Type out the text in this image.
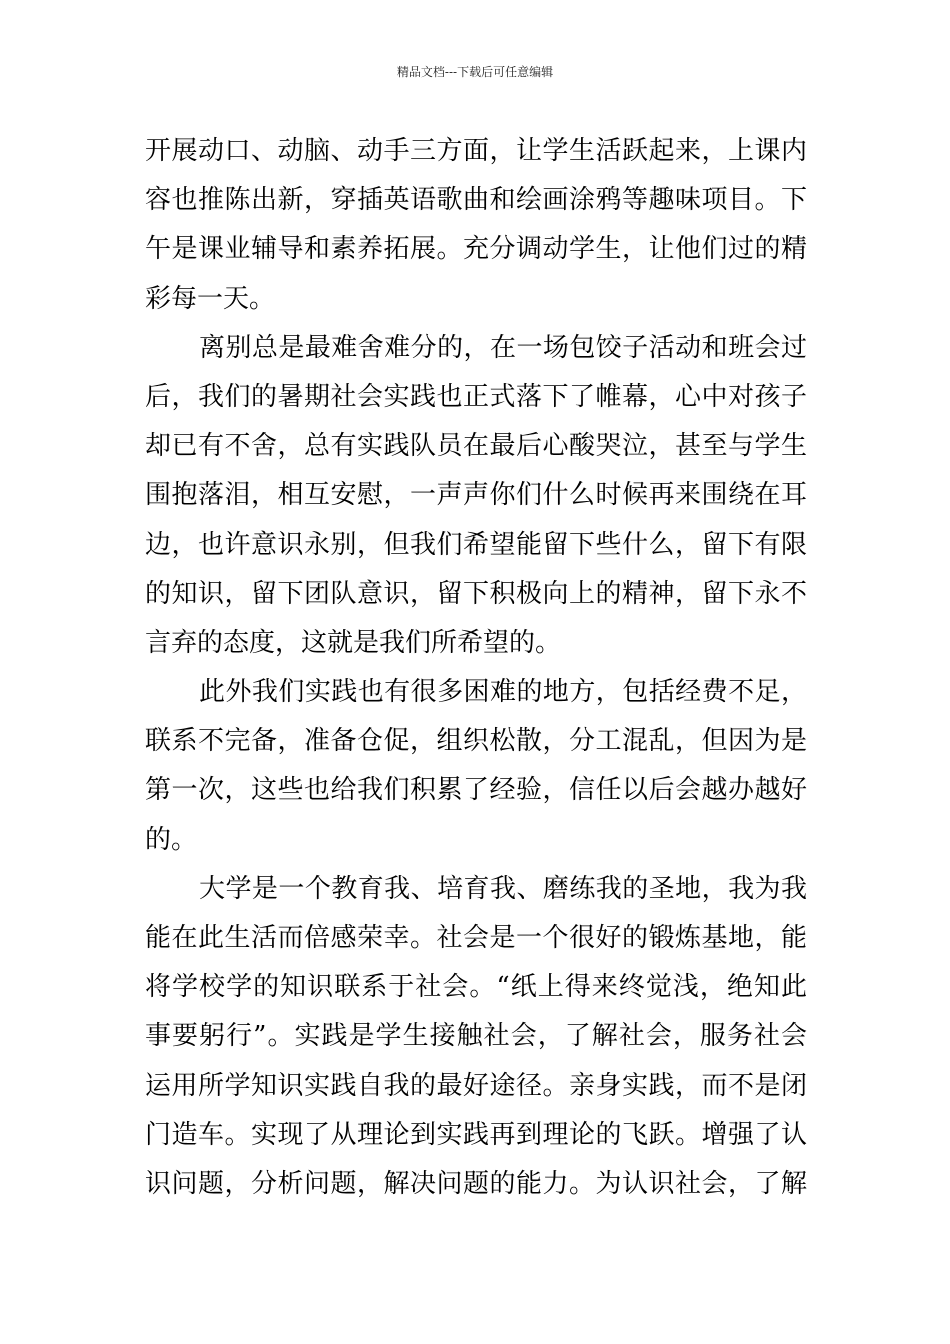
精品文档---下载后可任意编辑
开展动口、动脑、动手三方面，让学生活跃起来，上课内
容也推陈出新，穿插英语歌曲和绘画涂鸦等趣味项目。下
午是课业辅导和素养拓展。充分调动学生，让他们过的精
彩每一天。
离别总是最难舍难分的，在一场包饺子活动和班会过
后，我们的暑期社会实践也正式落下了帷幕，心中对孩子
却已有不舍，总有实践队员在最后心酸哭泣，甚至与学生
围抱落泪，相互安慰，一声声你们什么时候再来围绕在耳
边，也许意识永别，但我们希望能留下些什么，留下有限
的知识，留下团队意识，留下积极向上的精神，留下永不
言弃的态度，这就是我们所希望的。
此外我们实践也有很多困难的地方，包括经费不足，
联系不完备，准备仓促，组织松散，分工混乱，但因为是
第一次，这些也给我们积累了经验，信任以后会越办越好
的。
大学是一个教育我、培育我、磨练我的圣地，我为我
能在此生活而倍感荣幸。社会是一个很好的锻炼基地，能
将学校学的知识联系于社会。“纸上得来终觉浅，绝知此
事要躬行”。实践是学生接触社会，了解社会，服务社会
运用所学知识实践自我的最好途径。亲身实践，而不是闭
门造车。实现了从理论到实践再到理论的飞跃。增强了认
识问题，分析问题，解决问题的能力。为认识社会，了解
